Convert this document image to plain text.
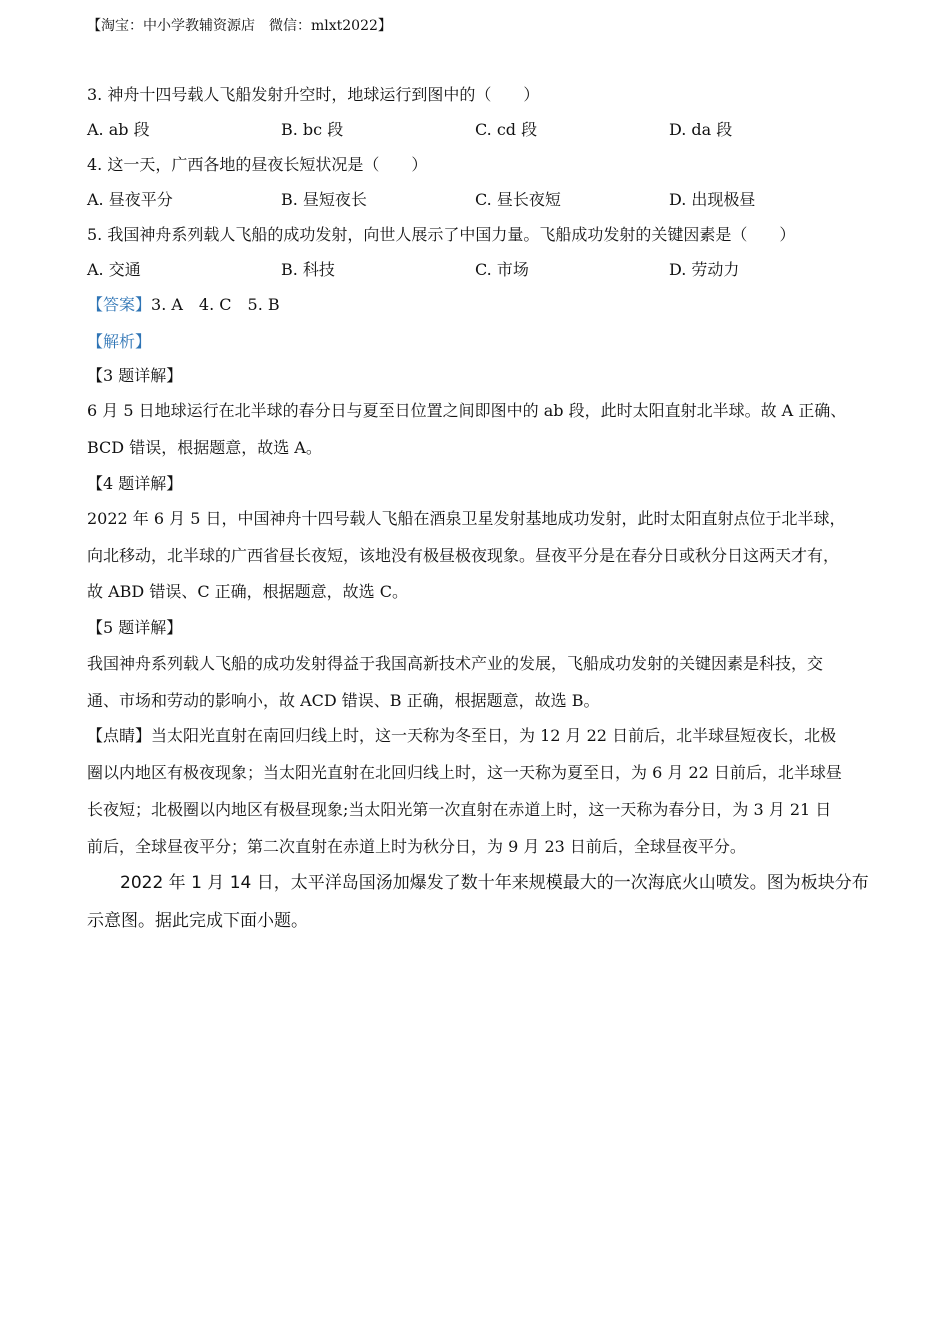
【淘宝：中小学教辅资源店　微信：mlxt2022】
3. 神舟十四号载人飞船发射升空时，地球运行到图中的（　　）
A. ab 段	B. bc 段	C. cd 段	D. da 段
4. 这一天，广西各地的昼夜长短状况是（　　）
A. 昼夜平分	B. 昼短夜长	C. 昼长夜短	D. 出现极昼
5. 我国神舟系列载人飞船的成功发射，向世人展示了中国力量。飞船成功发射的关键因素是（　　）
A. 交通	B. 科技	C. 市场	D. 劳动力
【答案】3. A　4. C　5. B
【解析】
【3 题详解】
6 月 5 日地球运行在北半球的春分日与夏至日位置之间即图中的 ab 段，此时太阳直射北半球。故 A 正确、
BCD 错误，根据题意，故选 A。
【4 题详解】
2022 年 6 月 5 日，中国神舟十四号载人飞船在酒泉卫星发射基地成功发射，此时太阳直射点位于北半球，
向北移动，北半球的广西省昼长夜短，该地没有极昼极夜现象。昼夜平分是在春分日或秋分日这两天才有，
故 ABD 错误、C 正确，根据题意，故选 C。
【5 题详解】
我国神舟系列载人飞船的成功发射得益于我国高新技术产业的发展，飞船成功发射的关键因素是科技，交
通、市场和劳动的影响小，故 ACD 错误、B 正确，根据题意，故选 B。
【点睛】当太阳光直射在南回归线上时，这一天称为冬至日，为 12 月 22 日前后，北半球昼短夜长，北极
圈以内地区有极夜现象；当太阳光直射在北回归线上时，这一天称为夏至日，为 6 月 22 日前后，北半球昼
长夜短；北极圈以内地区有极昼现象;当太阳光第一次直射在赤道上时，这一天称为春分日，为 3 月 21 日
前后，全球昼夜平分；第二次直射在赤道上时为秋分日，为 9 月 23 日前后，全球昼夜平分。
2022 年 1 月 14 日，太平洋岛国汤加爆发了数十年来规模最大的一次海底火山喷发。图为板块分布
示意图。据此完成下面小题。
